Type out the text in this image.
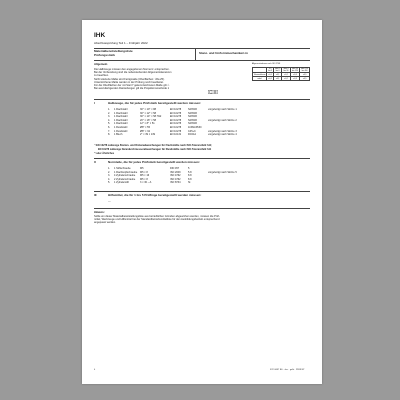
IHK
Abschlussprüfung Teil 1 – Frühjahr 2022
Materialbereitstellungsliste
Prüfungsstück
Stanz- und Umformmechaniker/-in
Allgemein
Die Halbzeuge müssen den angegebenen Normen¹⁾ entsprechen.
Bei der Vorbereitung sind die nebenstehenden Allgemeintoleranzen
zu beachten.
Nicht tolerierte Maße sind Fertigmaße (Oberflächen: √Ra 25).
Unterstrichene Maße werden in der Prüfung noch bearbeitet.
Für die Oberflächen der mit Stern* gekennzeichneten Maße gilt √.
Bei auszufertigenden Darstellungen gilt die Projektionsmethode 1
Allgemeintoleranz nach ISO 2768
	0,5 bis 3	über 3 bis 6	über 6 bis 30	über 30 bis 120	über 120 bis 400
Toleranzklasse	±0,1	±0,1	±0,2	±0,3	±0,5
mittel	±0,1	±0,1	±0,2	±0,3	±0,5
I	Halbzeuge, die für jedes Prüfstück bereitgestellt werden müssen:
1.	1 Flachstahl	30° × 10° × 88	EN 10278	S235JR	vorgefertigt nach Skizze 1
2.	1 Flachstahl	30° × 12° × 58	EN 10278	S235JR
3.	1 Flachstahl	30° × 14° × 58 H12	EN 10278	S235JR
4.	1 Flachstahl	20° × 16° × 58	EN 10278	S235JR	vorgefertigt nach Skizze 2
5.	1 Flachstahl	12° × 8° × 51	EN 10278	S235JR
6.	1 Rundstahl	Ø8° × 55	EN 10278	11SMnPb30
7.	1 Rundstahl	Ø8° × 32	EN 10278	C45+C	vorgefertigt nach Skizze 3
8.	1 Blech	2° × 39 × 139	EN 10131	DC01A	vorgefertigt nach Skizze 4
¹⁾ EN 10278 zulässige Breiten- und Dickenabweichungen für Flachstähle nach ISO-Toleranzfeld h11;
EN 10278 zulässige Nenndurchmesserabweichungen für Rundstähle nach ISO-Toleranzfeld h11
²⁾ oder Ähnliches
II	Normteile, die für jedes Prüfstück bereitgestellt werden müssen:
1.	1 Stiftschraube	M5	DIN 457	5
2.	1 Flachkopfschraube	M5 × 8	ISO 2009	5.8	vorgefertigt nach Skizze 5
3.	4 Zylinderschraube	M5 × 16	ISO 4762	8.8
4.	2 Zylinderschraube	M5 × 8	ISO 4762	8.8
5.	1 Zylinderstift	3 × 30 – A	ISO 8734	St
III	Hilfsmittel, die für 1 bis 5 Prüflinge bereitgestellt werden müssen:
---
Hinweis:
Sollte ein dieser Materialbereitstellungsliste aus betrieblichen Gründen abgewichen werden, müssen die Prüf-
mittel, Werkzeuge und Hilfsmittel bei der Standardbetriebsmittelliste für den Ausbildungsbetrieb entsprechend
angepasst werden.
4	F22 0687 B0 · sbs · gelb · PRÜFST
